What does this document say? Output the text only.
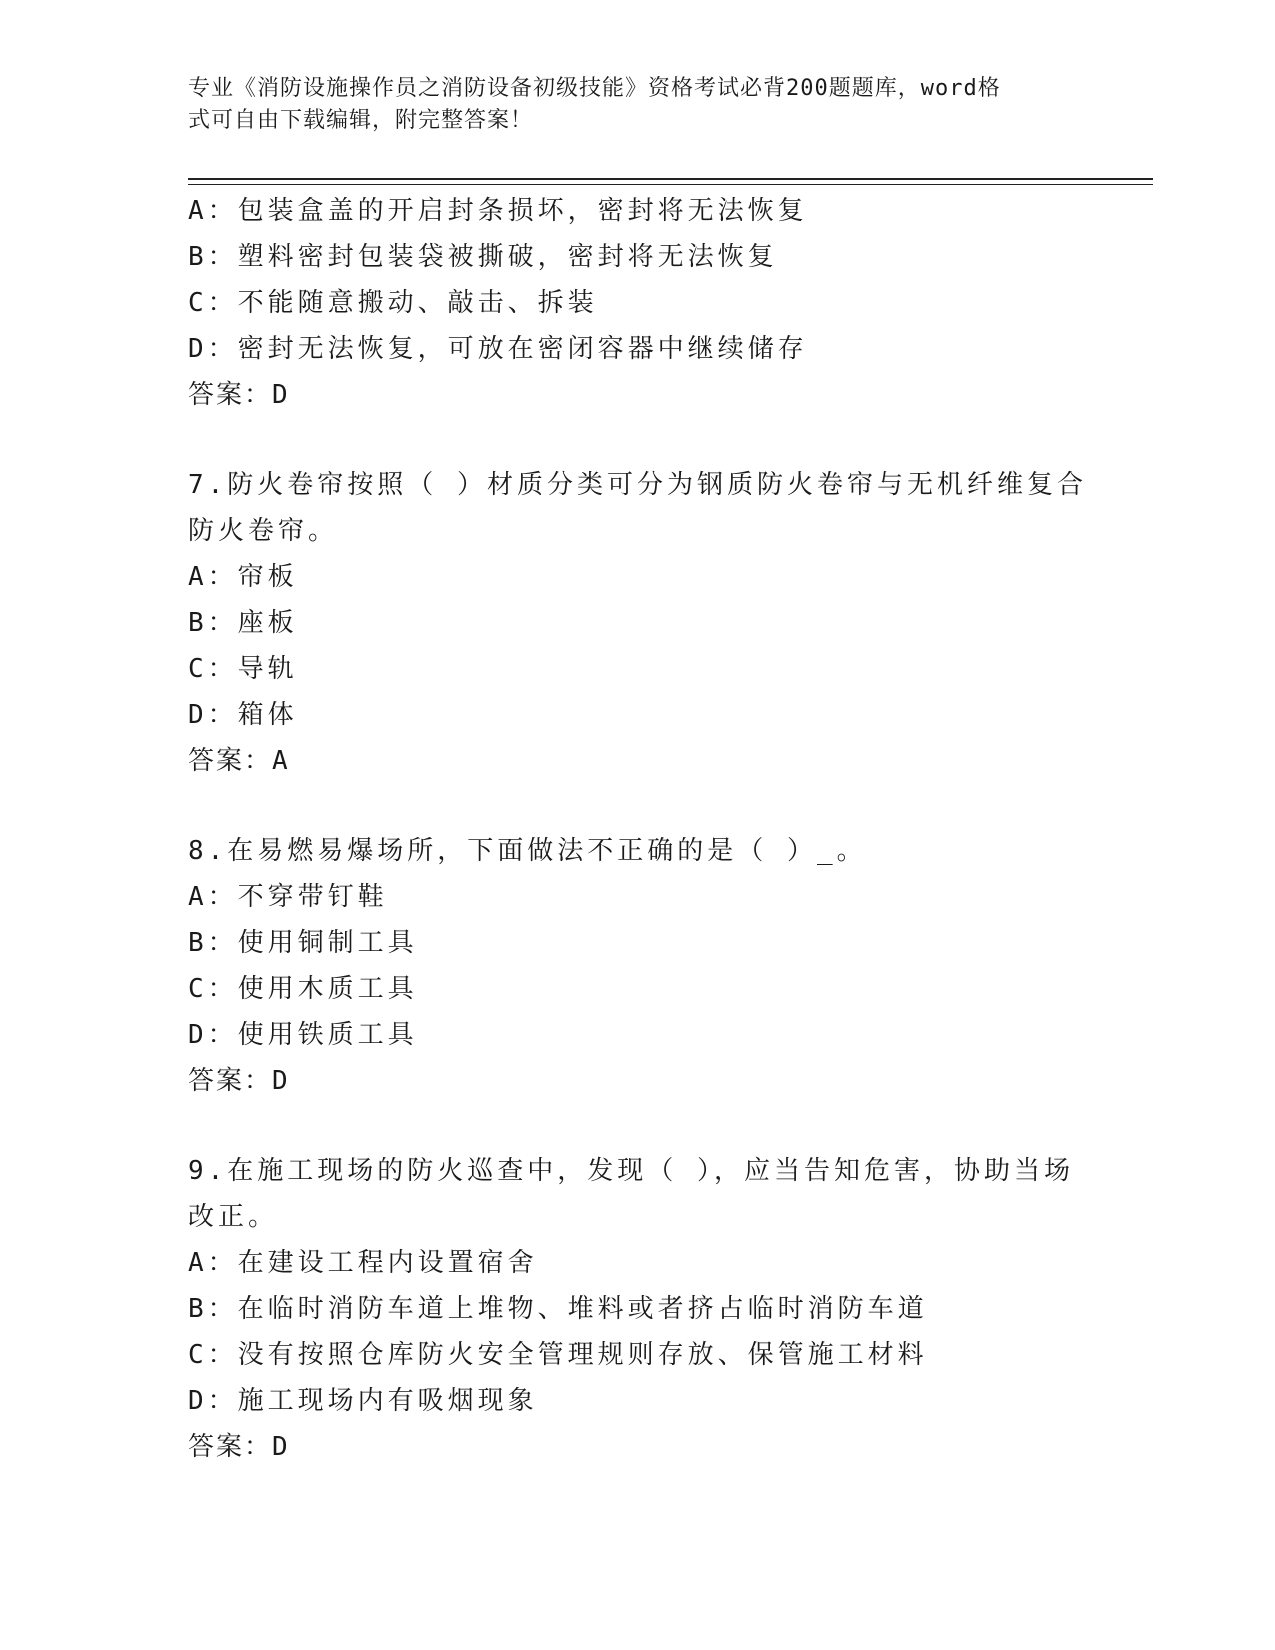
专业《消防设施操作员之消防设备初级技能》资格考试必背200题题库，word格
式可自由下载编辑，附完整答案！
A：包装盒盖的开启封条损坏，密封将无法恢复
B：塑料密封包装袋被撕破，密封将无法恢复
C：不能随意搬动、敲击、拆装
D：密封无法恢复，可放在密闭容器中继续储存
答案：D
7.防火卷帘按照（ ）材质分类可分为钢质防火卷帘与无机纤维复合
防火卷帘。
A：帘板
B：座板
C：导轨
D：箱体
答案：A
8.在易燃易爆场所，下面做法不正确的是（ ）_。
A：不穿带钉鞋
B：使用铜制工具
C：使用木质工具
D：使用铁质工具
答案：D
9.在施工现场的防火巡查中，发现（ ），应当告知危害，协助当场
改正。
A：在建设工程内设置宿舍
B：在临时消防车道上堆物、堆料或者挤占临时消防车道
C：没有按照仓库防火安全管理规则存放、保管施工材料
D：施工现场内有吸烟现象
答案：D
